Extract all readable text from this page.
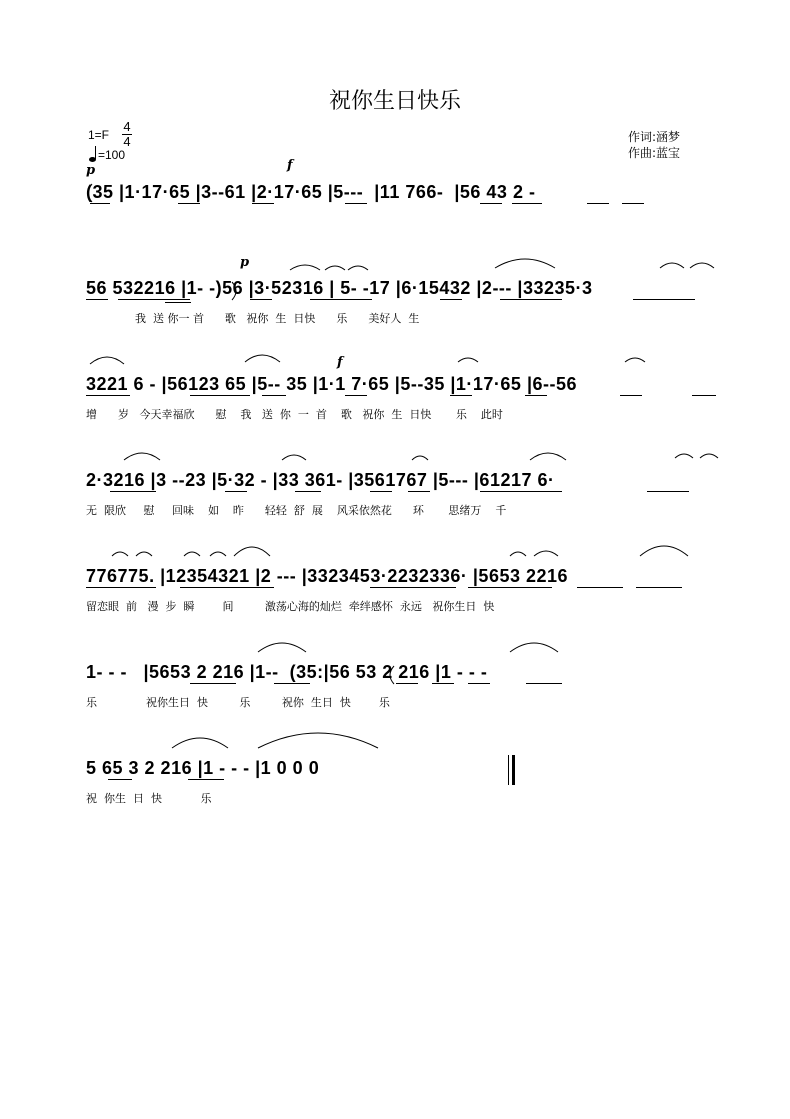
祝你生日快乐
1=F
4
4
=100
作词:涵梦
作曲:蓝宝
p	f
p
f
(35 |1·17·65 |3--61 |2·17·65 |5---  |11 766-  |56 43 2 -
56 532216 |1- -)56 |3·52316 | 5- -17 |6·15432 |2--- |33235·3
我  送 你一 首      歌   祝你  生  日快      乐      美好人  生
3221 6 - |56123 65 |5-- 35 |1·1 7·65 |5--35 |1·17·65 |6--56
增      岁   今天幸福欣      慰    我   送  你  一  首    歌   祝你  生  日快       乐    此时
2·3216 |3 --23 |5·32 - |33 361- |3561767 |5--- |61217 6·
无  限欣     慰     回味    如    昨      轻轻  舒  展    风采依然花      环       思绪万    千
776775. |12354321 |2 --- |3323453·2232336· |5653 2216
留恋眼  前   漫  步  瞬        间         激荡心海的灿烂  牵绊感怀  永远   祝你生日  快
1- - -   |5653 2 216 |1--  (35:|56 53 2 216 |1 - - -
乐              祝你生日  快         乐         祝你  生日  快        乐
5 65 3 2 216 |1 - - - |1 0 0 0
祝  你生  日  快           乐
